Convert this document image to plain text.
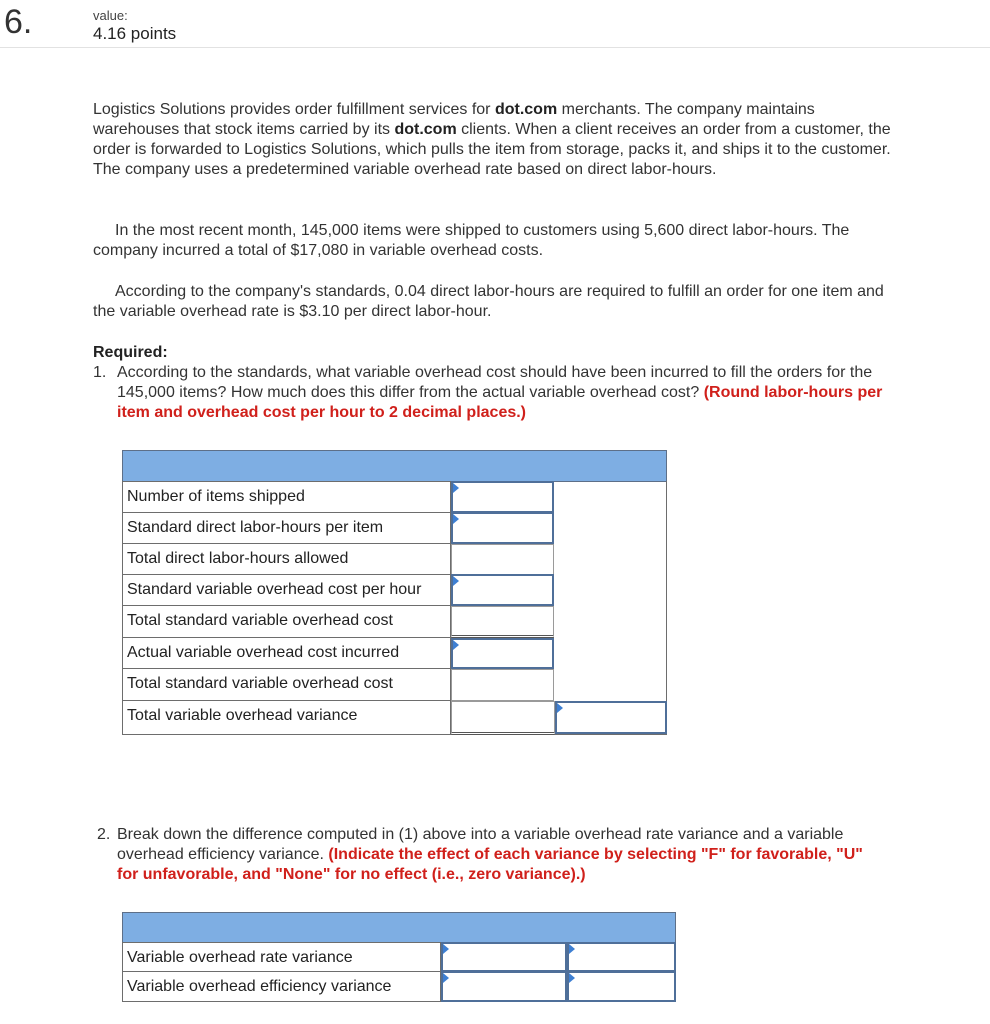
6.	value:
4.16 points
Logistics Solutions provides order fulfillment services for dot.com merchants. The company maintains warehouses that stock items carried by its dot.com clients. When a client receives an order from a customer, the order is forwarded to Logistics Solutions, which pulls the item from storage, packs it, and ships it to the customer. The company uses a predetermined variable overhead rate based on direct labor-hours.
In the most recent month, 145,000 items were shipped to customers using 5,600 direct labor-hours. The company incurred a total of $17,080 in variable overhead costs.
According to the company's standards, 0.04 direct labor-hours are required to fulfill an order for one item and the variable overhead rate is $3.10 per direct labor-hour.
Required:
1. According to the standards, what variable overhead cost should have been incurred to fill the orders for the 145,000 items? How much does this differ from the actual variable overhead cost? (Round labor-hours per item and overhead cost per hour to 2 decimal places.)
Number of items shipped
Standard direct labor-hours per item
Total direct labor-hours allowed
Standard variable overhead cost per hour
Total standard variable overhead cost
Actual variable overhead cost incurred
Total standard variable overhead cost
Total variable overhead variance
2. Break down the difference computed in (1) above into a variable overhead rate variance and a variable overhead efficiency variance. (Indicate the effect of each variance by selecting "F" for favorable, "U" for unfavorable, and "None" for no effect (i.e., zero variance).)
Variable overhead rate variance
Variable overhead efficiency variance
